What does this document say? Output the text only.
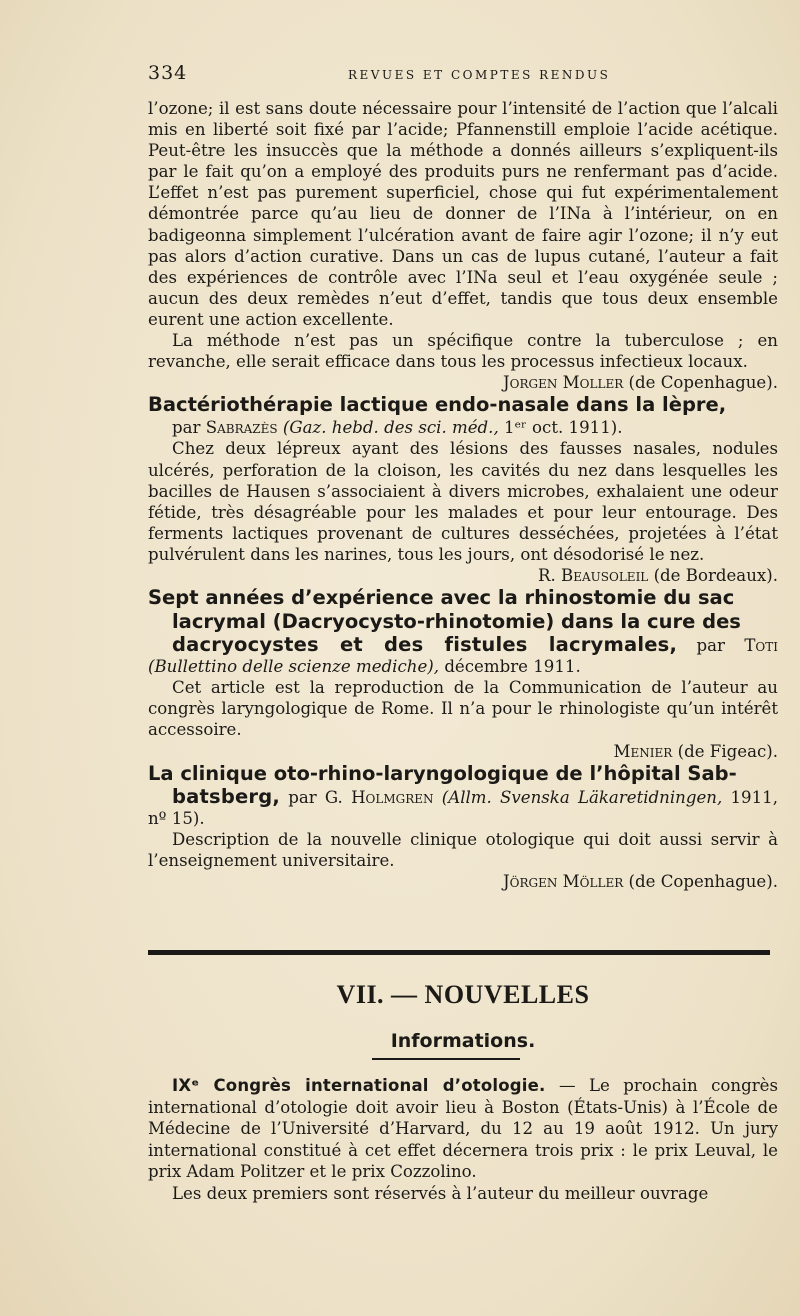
334	REVUES ET COMPTES RENDUS

l’ozone; il est sans doute nécessaire pour l’intensité de l’action que l’alcali mis en liberté soit fixé par l’acide; Pfannenstill emploie l’acide acétique. Peut-être les insuccès que la méthode a donnés ailleurs s’expliquent-ils par le fait qu’on a employé des produits purs ne renfermant pas d’acide. L’effet n’est pas purement superficiel, chose qui fut expérimentalement démontrée parce qu’au lieu de donner de l’INa à l’intérieur, on en badigeonna simplement l’ulcération avant de faire agir l’ozone; il n’y eut pas alors d’action curative. Dans un cas de lupus cutané, l’auteur a fait des expériences de contrôle avec l’INa seul et l’eau oxygénée seule ; aucun des deux remèdes n’eut d’effet, tandis que tous deux ensemble eurent une action excellente.

La méthode n’est pas un spécifique contre la tuberculose ; en revanche, elle serait efficace dans tous les processus infectieux locaux.

Jorgen Moller (de Copenhague).

Bactériothérapie lactique endo-nasale dans la lèpre,
par Sabrazès (Gaz. hebd. des sci. méd., 1ᵉʳ oct. 1911).

Chez deux lépreux ayant des lésions des fausses nasales, nodules ulcérés, perforation de la cloison, les cavités du nez dans lesquelles les bacilles de Hausen s’associaient à divers microbes, exhalaient une odeur fétide, très désagréable pour les malades et pour leur entourage. Des ferments lactiques provenant de cultures desséchées, projetées à l’état pulvérulent dans les narines, tous les jours, ont désodorisé le nez.

R. Beausoleil (de Bordeaux).

Sept années d’expérience avec la rhinostomie du sac
lacrymal (Dacryocysto-rhinotomie) dans la cure des
dacryocystes et des fistules lacrymales, par Toti (Bullettino delle scienze mediche), décembre 1911.

Cet article est la reproduction de la Communication de l’auteur au congrès laryngologique de Rome. Il n’a pour le rhinologiste qu’un intérêt accessoire.

Menier (de Figeac).

La clinique oto-rhino-laryngologique de l’hôpital Sab-
batsberg, par G. Holmgren (Allm. Svenska Läkaretidningen, 1911, nº 15).

Description de la nouvelle clinique otologique qui doit aussi servir à l’enseignement universitaire.

Jörgen Möller (de Copenhague).

VII. — NOUVELLES
Informations.

IXᵉ Congrès international d’otologie. — Le prochain congrès international d’otologie doit avoir lieu à Boston (États-Unis) à l’École de Médecine de l’Université d’Harvard, du 12 au 19 août 1912. Un jury international constitué à cet effet décernera trois prix : le prix Leuval, le prix Adam Politzer et le prix Cozzolino.

Les deux premiers sont réservés à l’auteur du meilleur ouvrage
